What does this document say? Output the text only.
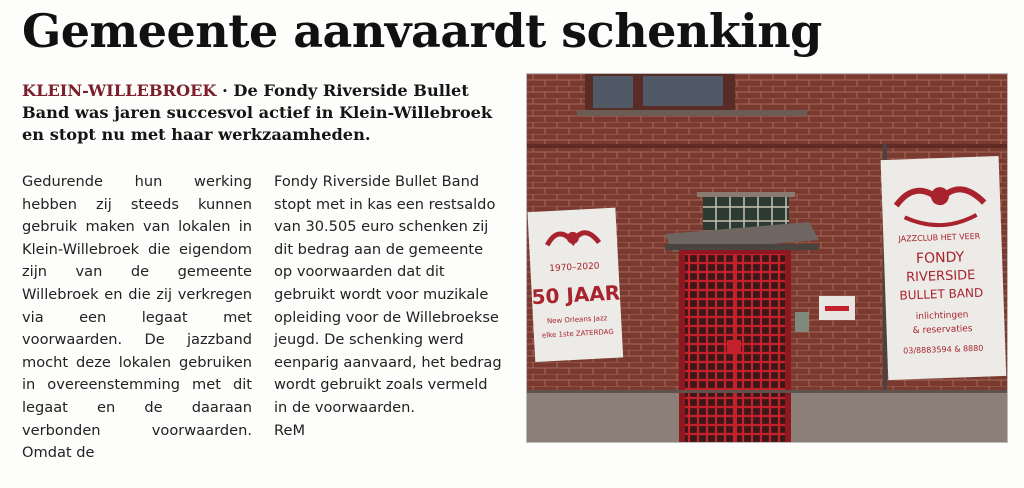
Gemeente aanvaardt schenking
KLEIN-WILLEBROEK · De Fondy Riverside Bullet Band was jaren succesvol actief in Klein-Willebroek en stopt nu met haar werkzaamheden.

Gedurende hun werking hebben zij steeds kunnen gebruik maken van lokalen in Klein-Willebroek die eigendom zijn van de gemeente Willebroek en die zij verkregen via een legaat met voorwaarden. De jazzband mocht deze lokalen gebruiken in overeenstemming met dit legaat en de daaraan verbonden voorwaarden. Omdat de

Fondy Riverside Bullet Band stopt met in kas een restsaldo van 30.505 euro schenken zij dit bedrag aan de gemeente op voorwaarden dat dit gebruikt wordt voor muzikale opleiding voor de Willebroekse jeugd. De schenking werd eenparig aanvaard, het bedrag wordt gebruikt zoals vermeld in de voorwaarden.

ReM

1970–2020
50 JAAR
New Orleans Jazz
elke 1ste ZATERDAG
JAZZCLUB HET VEER
FONDY
RIVERSIDE
BULLET BAND
inlichtingen
& reservaties
03/8883594 & 8880
